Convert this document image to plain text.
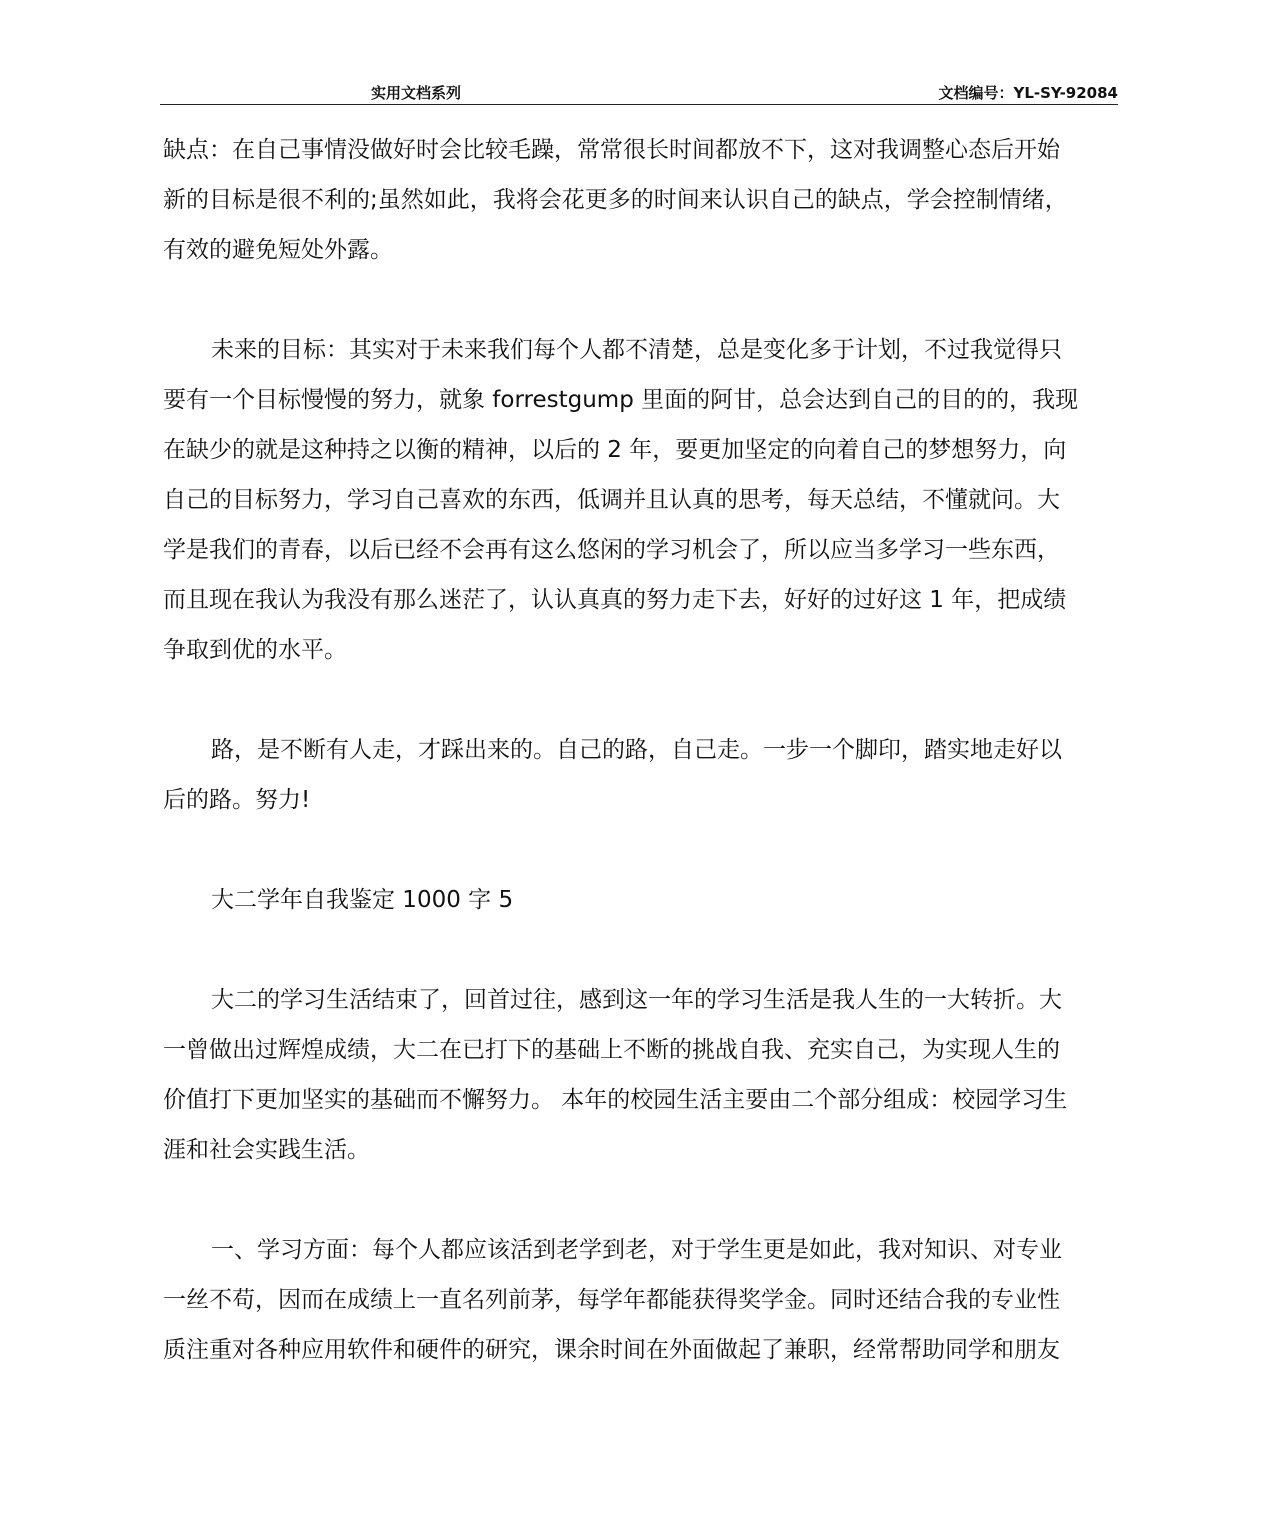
实用文档系列	文档编号：YL-SY-92084

缺点：在自己事情没做好时会比较毛躁，常常很长时间都放不下，这对我调整心态后开始
新的目标是很不利的;虽然如此，我将会花更多的时间来认识自己的缺点，学会控制情绪，
有效的避免短处外露。

未来的目标：其实对于未来我们每个人都不清楚，总是变化多于计划，不过我觉得只
要有一个目标慢慢的努力，就象 forrestgump 里面的阿甘，总会达到自己的目的的，我现
在缺少的就是这种持之以衡的精神，以后的 2 年，要更加坚定的向着自己的梦想努力，向
自己的目标努力，学习自己喜欢的东西，低调并且认真的思考，每天总结，不懂就问。大
学是我们的青春，以后已经不会再有这么悠闲的学习机会了，所以应当多学习一些东西，
而且现在我认为我没有那么迷茫了，认认真真的努力走下去，好好的过好这 1 年，把成绩
争取到优的水平。

路，是不断有人走，才踩出来的。自己的路，自己走。一步一个脚印，踏实地走好以
后的路。努力!

大二学年自我鉴定 1000 字 5

大二的学习生活结束了，回首过往，感到这一年的学习生活是我人生的一大转折。大
一曾做出过辉煌成绩，大二在已打下的基础上不断的挑战自我、充实自己，为实现人生的
价值打下更加坚实的基础而不懈努力。 本年的校园生活主要由二个部分组成：校园学习生
涯和社会实践生活。

一、学习方面：每个人都应该活到老学到老，对于学生更是如此，我对知识、对专业
一丝不苟，因而在成绩上一直名列前茅，每学年都能获得奖学金。同时还结合我的专业性
质注重对各种应用软件和硬件的研究，课余时间在外面做起了兼职，经常帮助同学和朋友
